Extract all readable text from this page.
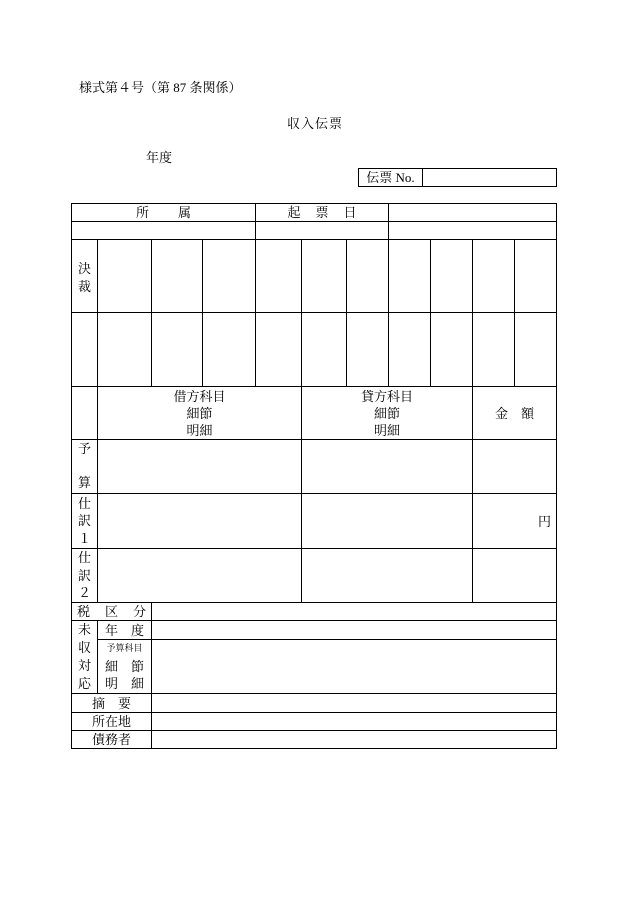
様式第４号（第 87 条関係）
収入伝票
年度
伝票 No.
所　属	起　票　日
決
裁
借方科目
細節
明細
貸方科目
細節
明細
金　額
予
算
仕
訳
１
円
仕
訳
２
税　区　分
未
収
対
応
年　度
予算科目
細　節
明　細
摘　要
所在地
債務者
